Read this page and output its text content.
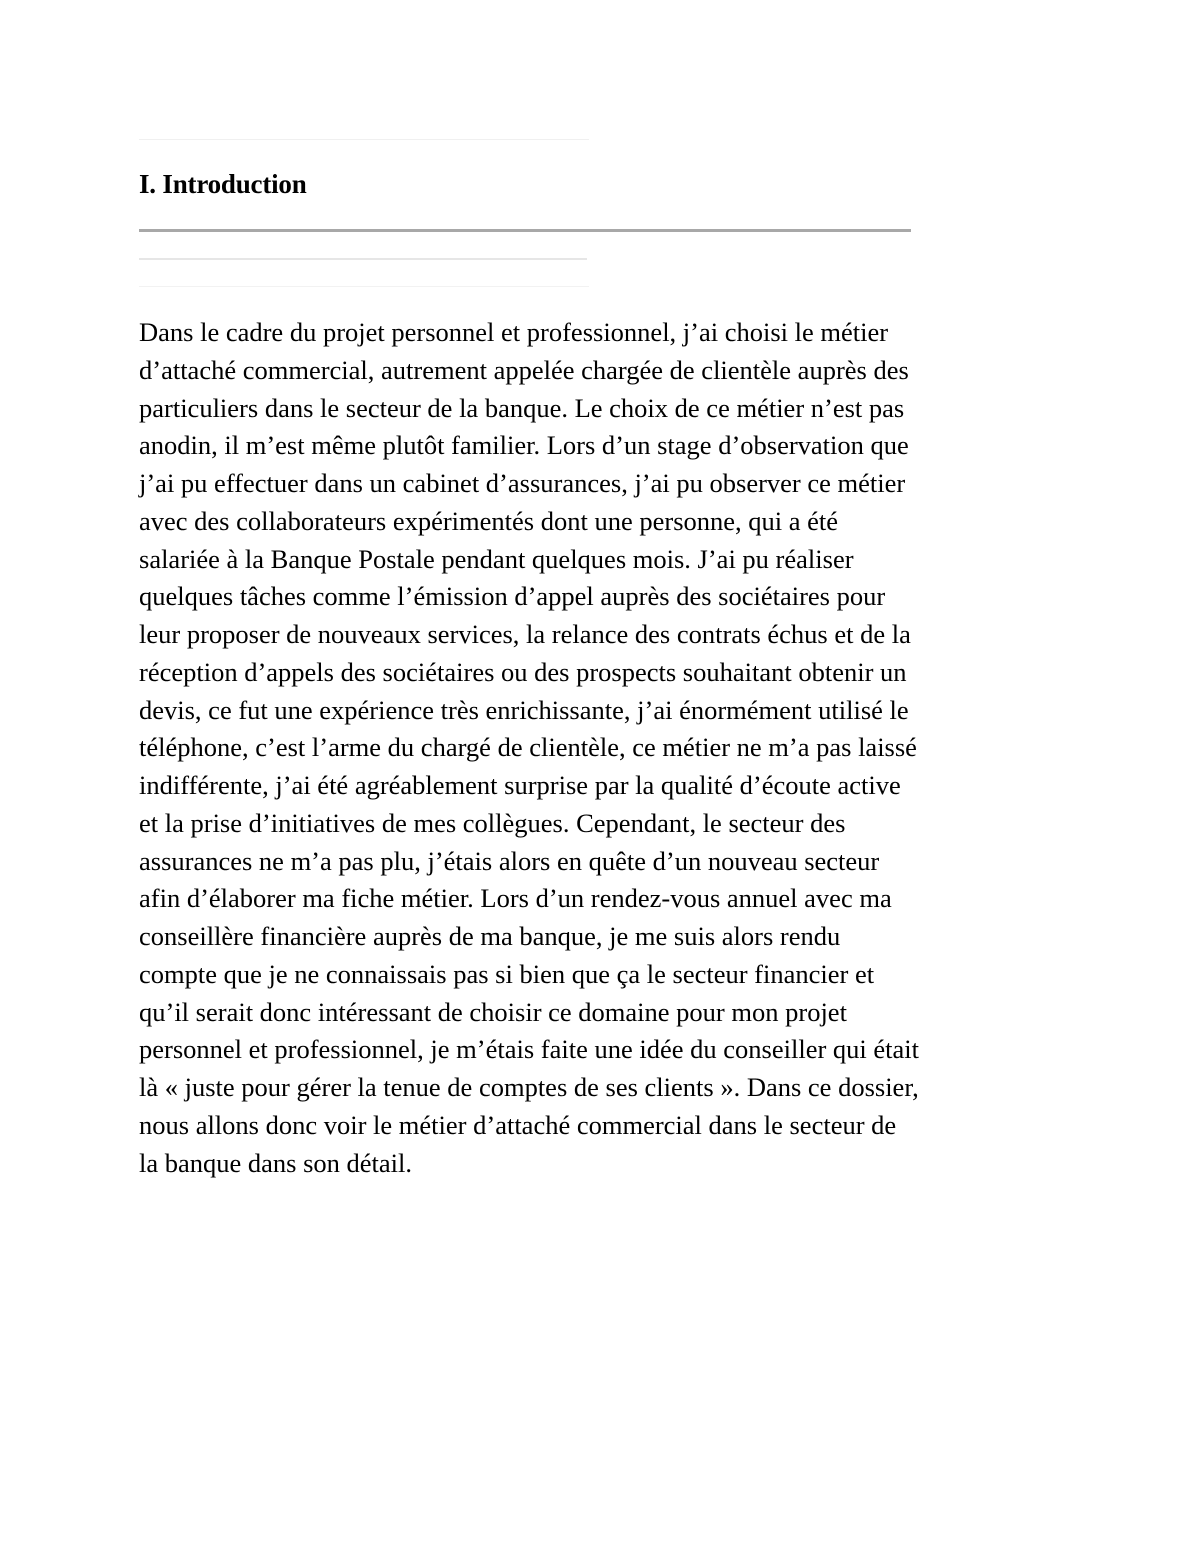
I. Introduction

Dans le cadre du projet personnel et professionnel, j’ai choisi le métier
d’attaché commercial, autrement appelée chargée de clientèle auprès des
particuliers dans le secteur de la banque. Le choix de ce métier n’est pas
anodin, il m’est même plutôt familier. Lors d’un stage d’observation que
j’ai pu effectuer dans un cabinet d’assurances, j’ai pu observer ce métier
avec des collaborateurs expérimentés dont une personne, qui a été
salariée à la Banque Postale pendant quelques mois. J’ai pu réaliser
quelques tâches comme l’émission d’appel auprès des sociétaires pour
leur proposer de nouveaux services, la relance des contrats échus et de la
réception d’appels des sociétaires ou des prospects souhaitant obtenir un
devis, ce fut une expérience très enrichissante, j’ai énormément utilisé le
téléphone, c’est l’arme du chargé de clientèle, ce métier ne m’a pas laissé
indifférente, j’ai été agréablement surprise par la qualité d’écoute active
et la prise d’initiatives de mes collègues. Cependant, le secteur des
assurances ne m’a pas plu, j’étais alors en quête d’un nouveau secteur
afin d’élaborer ma fiche métier. Lors d’un rendez-vous annuel avec ma
conseillère financière auprès de ma banque, je me suis alors rendu
compte que je ne connaissais pas si bien que ça le secteur financier et
qu’il serait donc intéressant de choisir ce domaine pour mon projet
personnel et professionnel, je m’étais faite une idée du conseiller qui était
là « juste pour gérer la tenue de comptes de ses clients ». Dans ce dossier,
nous allons donc voir le métier d’attaché commercial dans le secteur de
la banque dans son détail.
